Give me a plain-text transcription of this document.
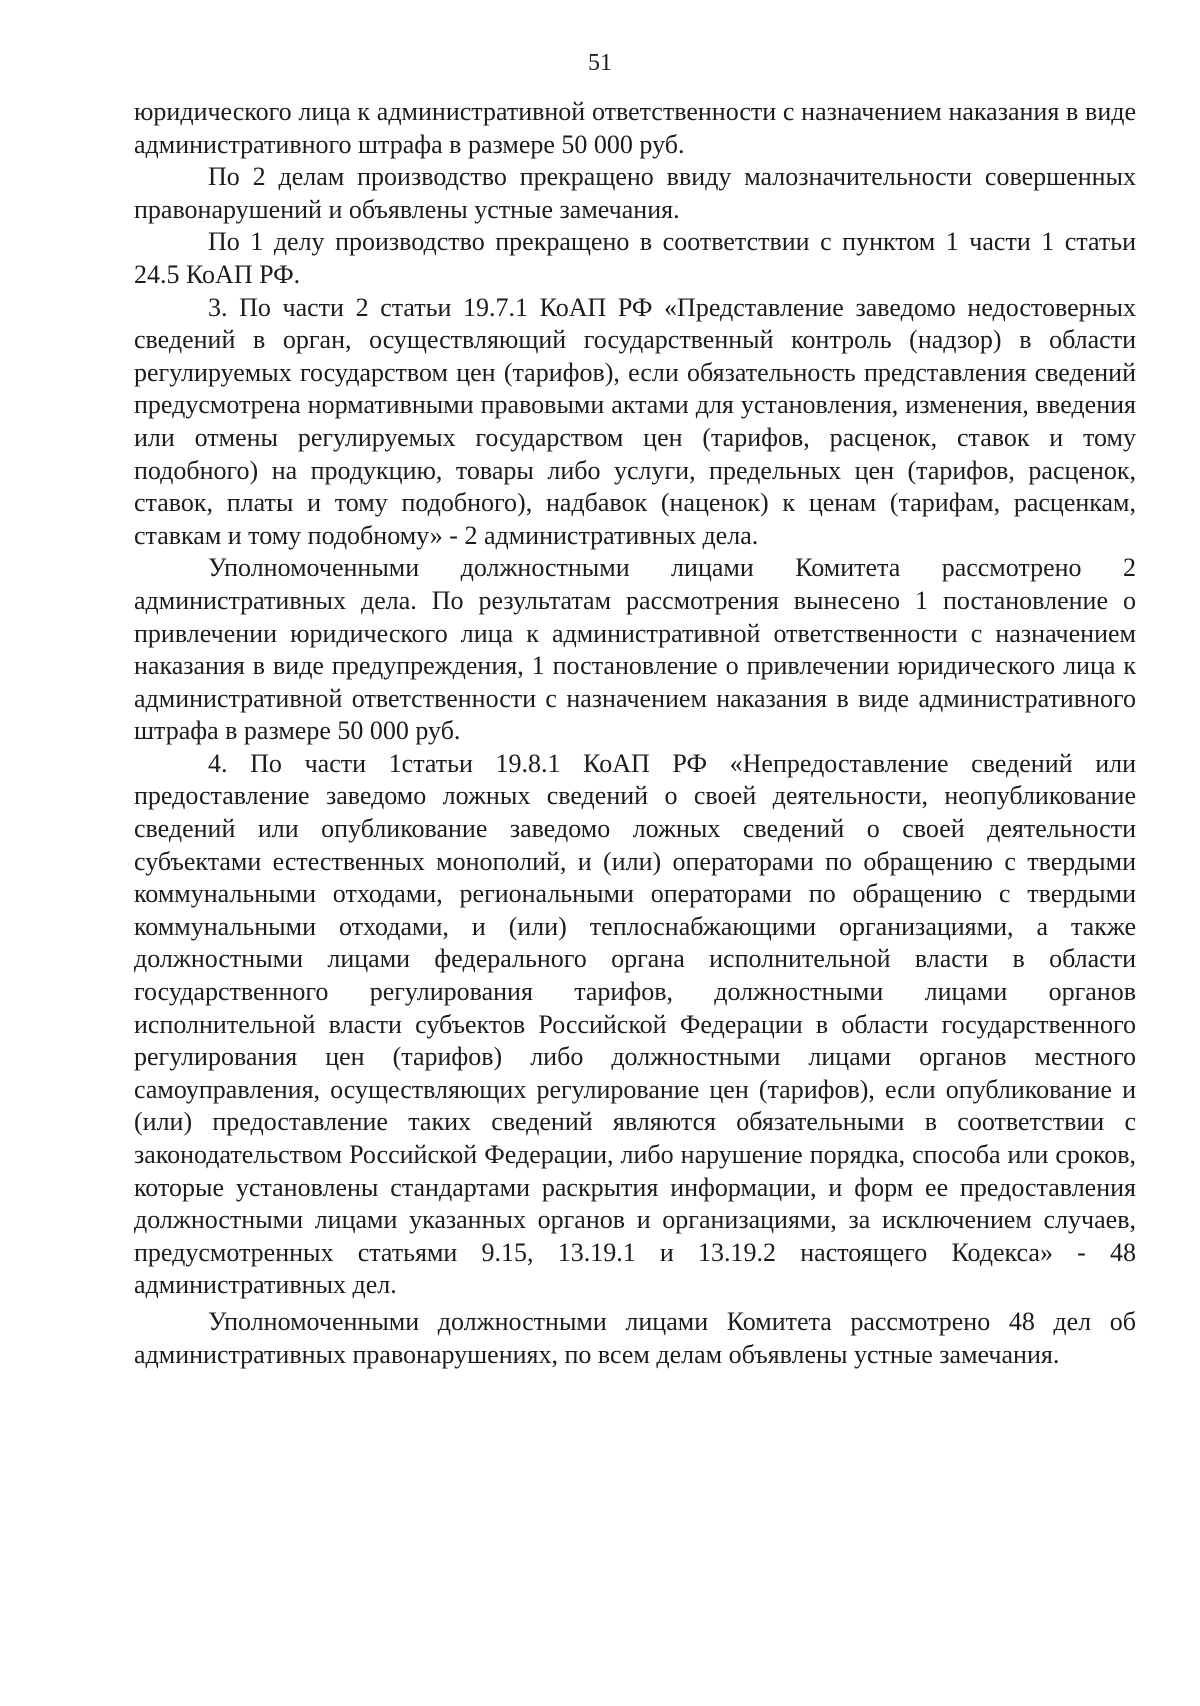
51

юридического лица к административной ответственности с назначением наказания в виде административного штрафа в размере 50 000 руб.

По 2 делам производство прекращено ввиду малозначительности совершенных правонарушений и объявлены устные замечания.

По 1 делу производство прекращено в соответствии с пунктом 1 части 1 статьи 24.5 КоАП РФ.

3. По части 2 статьи 19.7.1 КоАП РФ «Представление заведомо недостоверных сведений в орган, осуществляющий государственный контроль (надзор) в области регулируемых государством цен (тарифов), если обязательность представления сведений предусмотрена нормативными правовыми актами для установления, изменения, введения или отмены регулируемых государством цен (тарифов, расценок, ставок и тому подобного) на продукцию, товары либо услуги, предельных цен (тарифов, расценок, ставок, платы и тому подобного), надбавок (наценок) к ценам (тарифам, расценкам, ставкам и тому подобному» - 2 административных дела.

Уполномоченными должностными лицами Комитета рассмотрено 2 административных дела. По результатам рассмотрения вынесено 1 постановление о привлечении юридического лица к административной ответственности с назначением наказания в виде предупреждения, 1 постановление о привлечении юридического лица к административной ответственности с назначением наказания в виде административного штрафа в размере 50 000 руб.

4. По части 1статьи 19.8.1 КоАП РФ «Непредоставление сведений или предоставление заведомо ложных сведений о своей деятельности, неопубликование сведений или опубликование заведомо ложных сведений о своей деятельности субъектами естественных монополий, и (или) операторами по обращению с твердыми коммунальными отходами, региональными операторами по обращению с твердыми коммунальными отходами, и (или) теплоснабжающими организациями, а также должностными лицами федерального органа исполнительной власти в области государственного регулирования тарифов, должностными лицами органов исполнительной власти субъектов Российской Федерации в области государственного регулирования цен (тарифов) либо должностными лицами органов местного самоуправления, осуществляющих регулирование цен (тарифов), если опубликование и (или) предоставление таких сведений являются обязательными в соответствии с законодательством Российской Федерации, либо нарушение порядка, способа или сроков, которые установлены стандартами раскрытия информации, и форм ее предоставления должностными лицами указанных органов и организациями, за исключением случаев, предусмотренных статьями 9.15, 13.19.1 и 13.19.2 настоящего Кодекса» - 48 административных дел.

Уполномоченными должностными лицами Комитета рассмотрено 48 дел об административных правонарушениях, по всем делам объявлены устные замечания.
